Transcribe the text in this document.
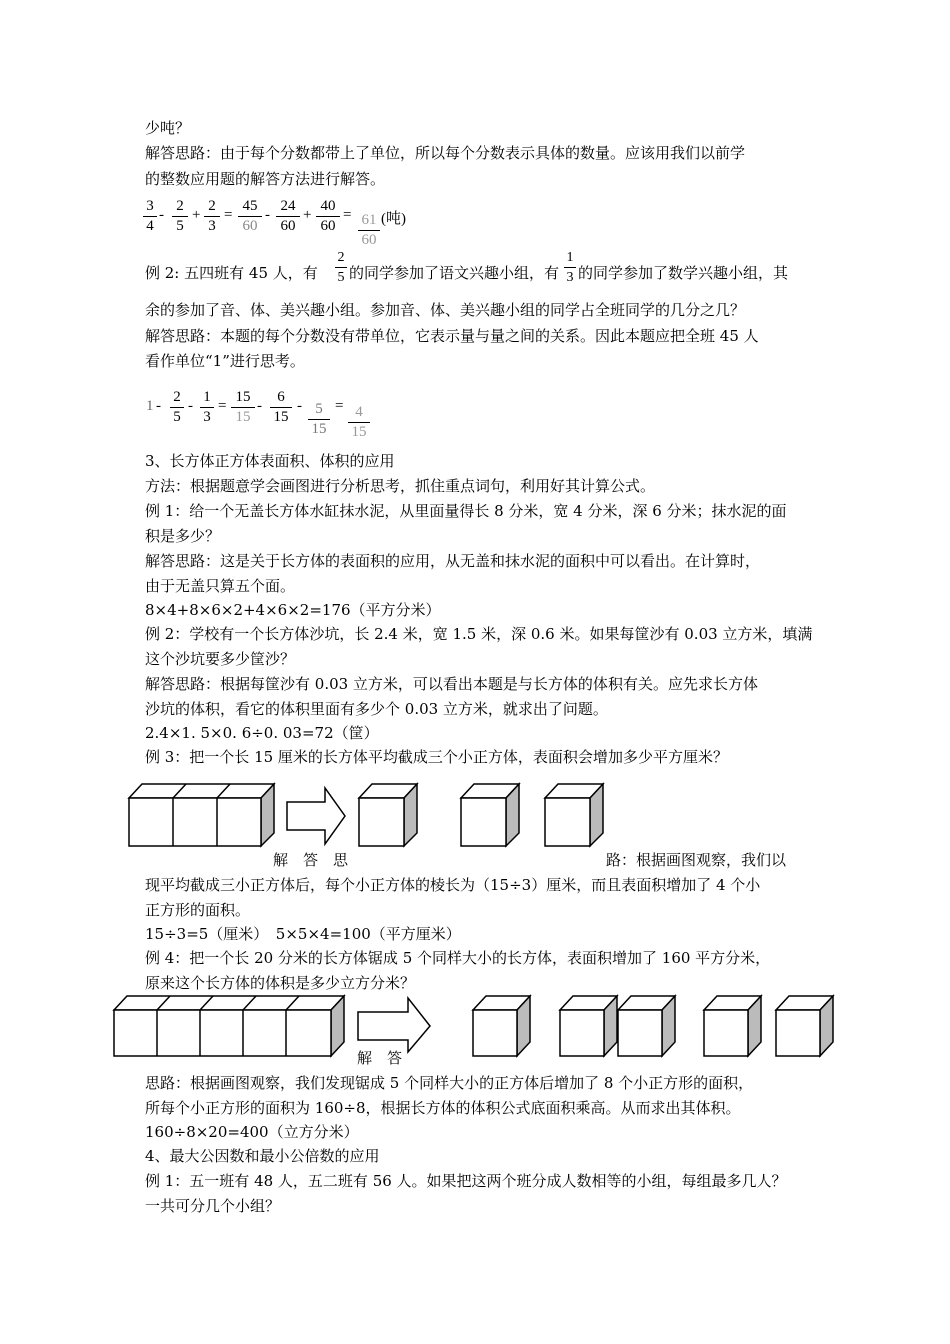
少吨？
解答思路：由于每个分数都带上了单位，所以每个分数表示具体的数量。应该用我们以前学
的整数应用题的解答方法进行解答。
3
4
-
2
5
+
2
3
=
45
60
-
24
60
+
40
60
= 61
60
(吨)
例 2: 五四班有 45 人，有
2
5 的同学参加了语文兴趣小组，有
1
3 的同学参加了数学兴趣小组，其
余的参加了音、体、美兴趣小组。参加音、体、美兴趣小组的同学占全班同学的几分之几？
解答思路：本题的每个分数没有带单位，它表示量与量之间的关系。因此本题应把全班 45 人
看作单位“1”进行思考。
1 -
2
5
-
1
3
=
15
15
-
6
15
- 5
15
= 4
15
3、长方体正方体表面积、体积的应用
方法：根据题意学会画图进行分析思考，抓住重点词句，利用好其计算公式。
例 1：给一个无盖长方体水缸抹水泥，从里面量得长 8 分米，宽 4 分米，深 6 分米；抹水泥的面
积是多少？
解答思路：这是关于长方体的表面积的应用，从无盖和抹水泥的面积中可以看出。在计算时，
由于无盖只算五个面。
8×4+8×6×2+4×6×2=176（平方分米）
例 2：学校有一个长方体沙坑，长 2.4 米，宽 1.5 米，深 0.6 米。如果每筐沙有 0.03 立方米，填满
这个沙坑要多少筐沙？
解答思路：根据每筐沙有 0.03 立方米，可以看出本题是与长方体的体积有关。应先求长方体
沙坑的体积，看它的体积里面有多少个 0.03 立方米，就求出了问题。
2.4×1. 5×0. 6÷0. 03=72（筐）
例 3：把一个长 15 厘米的长方体平均截成三个小正方体，表面积会增加多少平方厘米？
解　答　思	路：根据画图观察，我们以
现平均截成三小正方体后，每个小正方体的棱长为（15÷3）厘米，而且表面积增加了 4 个小
正方形的面积。
15÷3=5（厘米）　5×5×4=100（平方厘米）
例 4：把一个长 20 分米的长方体锯成 5 个同样大小的长方体，表面积增加了 160 平方分米，
原来这个长方体的体积是多少立方分米？
解　答
思路：根据画图观察，我们发现锯成 5 个同样大小的正方体后增加了 8 个小正方形的面积，
所每个小正方形的面积为 160÷8，根据长方体的体积公式底面积乘高。从而求出其体积。
160÷8×20=400（立方分米）
4、最大公因数和最小公倍数的应用
例 1：五一班有 48 人，五二班有 56 人。如果把这两个班分成人数相等的小组，每组最多几人？
一共可分几个小组？
